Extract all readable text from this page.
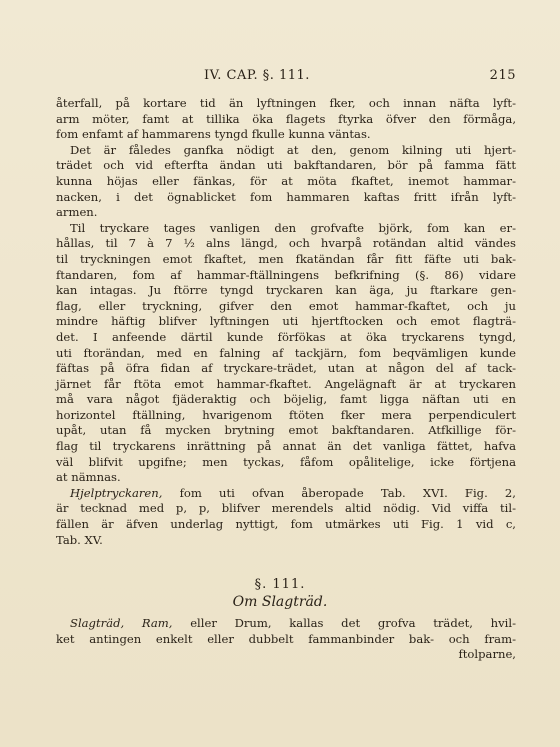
IV. CAP. §. 111.	215

återfall, på kortare tid än lyftningen fker, och innan näfta lyft-
arm möter, famt at tillika öka flagets ftyrka öfver den förmåga,
fom enfamt af hammarens tyngd fkulle kunna väntas.

Det är fåledes ganfka nödigt at den, genom kilning uti hjert-
trädet och vid efterfta ändan uti bakftandaren, bör på famma fätt
kunna höjas eller fänkas, för at möta fkaftet, inemot hammar-
nacken, i det ögnablicket fom hammaren kaftas fritt ifrån lyft-
armen.

Til tryckare tages vanligen den grofvafte björk, fom kan er-
hållas, til 7 à 7 ½ alns längd, och hvarpå rotändan altid vändes
til tryckningen emot fkaftet, men fkatändan får fitt fäfte uti bak-
ftandaren, fom af hammar-ftällningens befkrifning (§. 86) vidare
kan intagas. Ju ftörre tyngd tryckaren kan äga, ju ftarkare gen-
flag, eller tryckning, gifver den emot hammar-fkaftet, och ju
mindre häftig blifver lyftningen uti hjertftocken och emot flagträ-
det. I anfeende därtil kunde förfökas at öka tryckarens tyngd,
uti ftorändan, med en falning af tackjärn, fom beqvämligen kunde
fäftas på öfra fidan af tryckare-trädet, utan at någon del af tack-
järnet får ftöta emot hammar-fkaftet. Angelägnaft är at tryckaren
må vara något fjäderaktig och böjelig, famt ligga näftan uti en
horizontel ftällning, hvarigenom ftöten fker mera perpendiculert
upåt, utan få mycken brytning emot bakftandaren. Atfkillige för-
flag til tryckarens inrättning på annat än det vanliga fättet, hafva
väl blifvit upgifne; men tyckas, fåfom opålitelige, icke förtjena
at nämnas.

Hjelptryckaren, fom uti ofvan åberopade Tab. XVI. Fig. 2,
är tecknad med p, p, blifver merendels altid nödig. Vid viffa til-
fällen är äfven underlag nyttigt, fom utmärkes uti Fig. 1 vid c,
Tab. XV.

§. 111.
Om Slagträd.

Slagträd, Ram, eller Drum, kallas det grofva trädet, hvil-
ket antingen enkelt eller dubbelt fammanbinder bak- och fram-
ftolparne,
